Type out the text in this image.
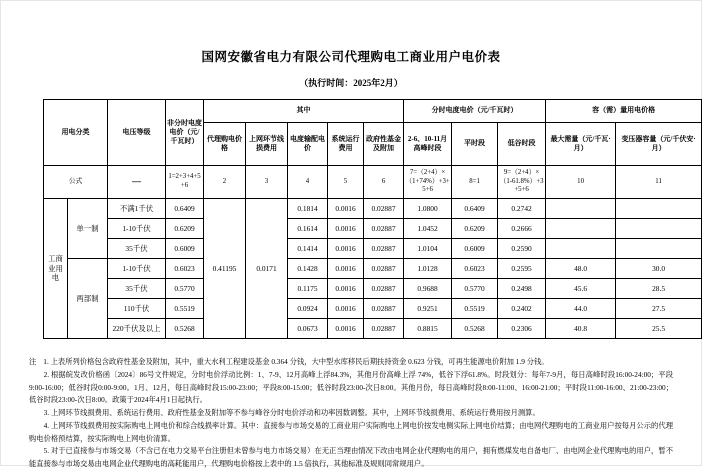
国网安徽省电力有限公司代理购电工商业用户电价表
（执行时间：2025年2月）
用电分类		电压等级	非分时电度电价（元/千瓦时）	其中					分时电度电价（元/千瓦时）			容（需）量用电价格	
				代理购电价格	上网环节线损费用	电度输配电价	系统运行费用	政府性基金及附加	2-6、10-11月高峰时段	平时段	低谷时段	最大需量（元/千瓦·月）	变压器容量（元/千伏安·月）
公式		—	1=2+3+4+5+6	2	3	4	5	6	7=（2+4）×（1+74%）+3+5+6	8=1	9=（2+4）×（1-61.8%）+3+5+6	10	11
工商业用电	单一制	不满1千伏	0.6409	0.41195	0.0171	0.1814	0.0016	0.02887	1.0800	0.6409	0.2742		
		1-10千伏	0.6209			0.1614	0.0016	0.02887	1.0452	0.6209	0.2666		
		35千伏	0.6009			0.1414	0.0016	0.02887	1.0104	0.6009	0.2590		
	两部制	1-10千伏	0.6023			0.1428	0.0016	0.02887	1.0128	0.6023	0.2595	48.0	30.0
		35千伏	0.5770			0.1175	0.0016	0.02887	0.9688	0.5770	0.2498	45.6	28.5
		110千伏	0.5519			0.0924	0.0016	0.02887	0.9251	0.5519	0.2402	44.0	27.5
		220千伏及以上	0.5268			0.0673	0.0016	0.02887	0.8815	0.5268	0.2306	40.8	25.5

注 1. 上表所列价格包含政府性基金及附加，其中，重大水利工程建设基金 0.364 分钱，大中型水库移民后期扶持资金 0.623 分钱，可再生能源电价附加 1.9 分钱。

2. 根据皖发改价格函〔2024〕86号文件规定，分时电价浮动比例：1、7-9、12月高峰上浮84.3%，其他月份高峰上浮 74%，低谷下浮61.8%。时段划分：每年7-9月，每日高峰时段16:00-24:00；平段9:00-16:00；低谷时段0:00-9:00。1月、12月，每日高峰时段15:00-23:00；平段8:00-15:00；低谷时段23:00-次日8:00。其他月份，每日高峰时段8:00-11:00、16:00-21:00；平时段11:00-16:00、21:00-23:00；低谷时段23:00-次日8:00。政策于2024年4月1日起执行。

3. 上网环节线损费用、系统运行费用、政府性基金及附加等不参与峰谷分时电价浮动和功率因数调整。其中，上网环节线损费用、系统运行费用按月测算。

4. 上网环节线损费用按实际购电上网电价和综合线损率计算。其中：直接参与市场交易的工商业用户实际购电上网电价按发电侧实际上网电价结算；由电网代理购电的工商业用户按每月公示的代理购电价格预结算，按实际购电上网电价清算。

5. 对于已直接参与市场交易（不含已在电力交易平台注册但未曾参与电力市场交易）在无正当理由情况下改由电网企业代理购电的用户，拥有燃煤发电自备电厂、由电网企业代理购电的用户，暂不能直接参与市场交易由电网企业代理购电的高耗能用户，代理购电价格按上表中的 1.5 倍执行，其他标准及规则同常规用户。
